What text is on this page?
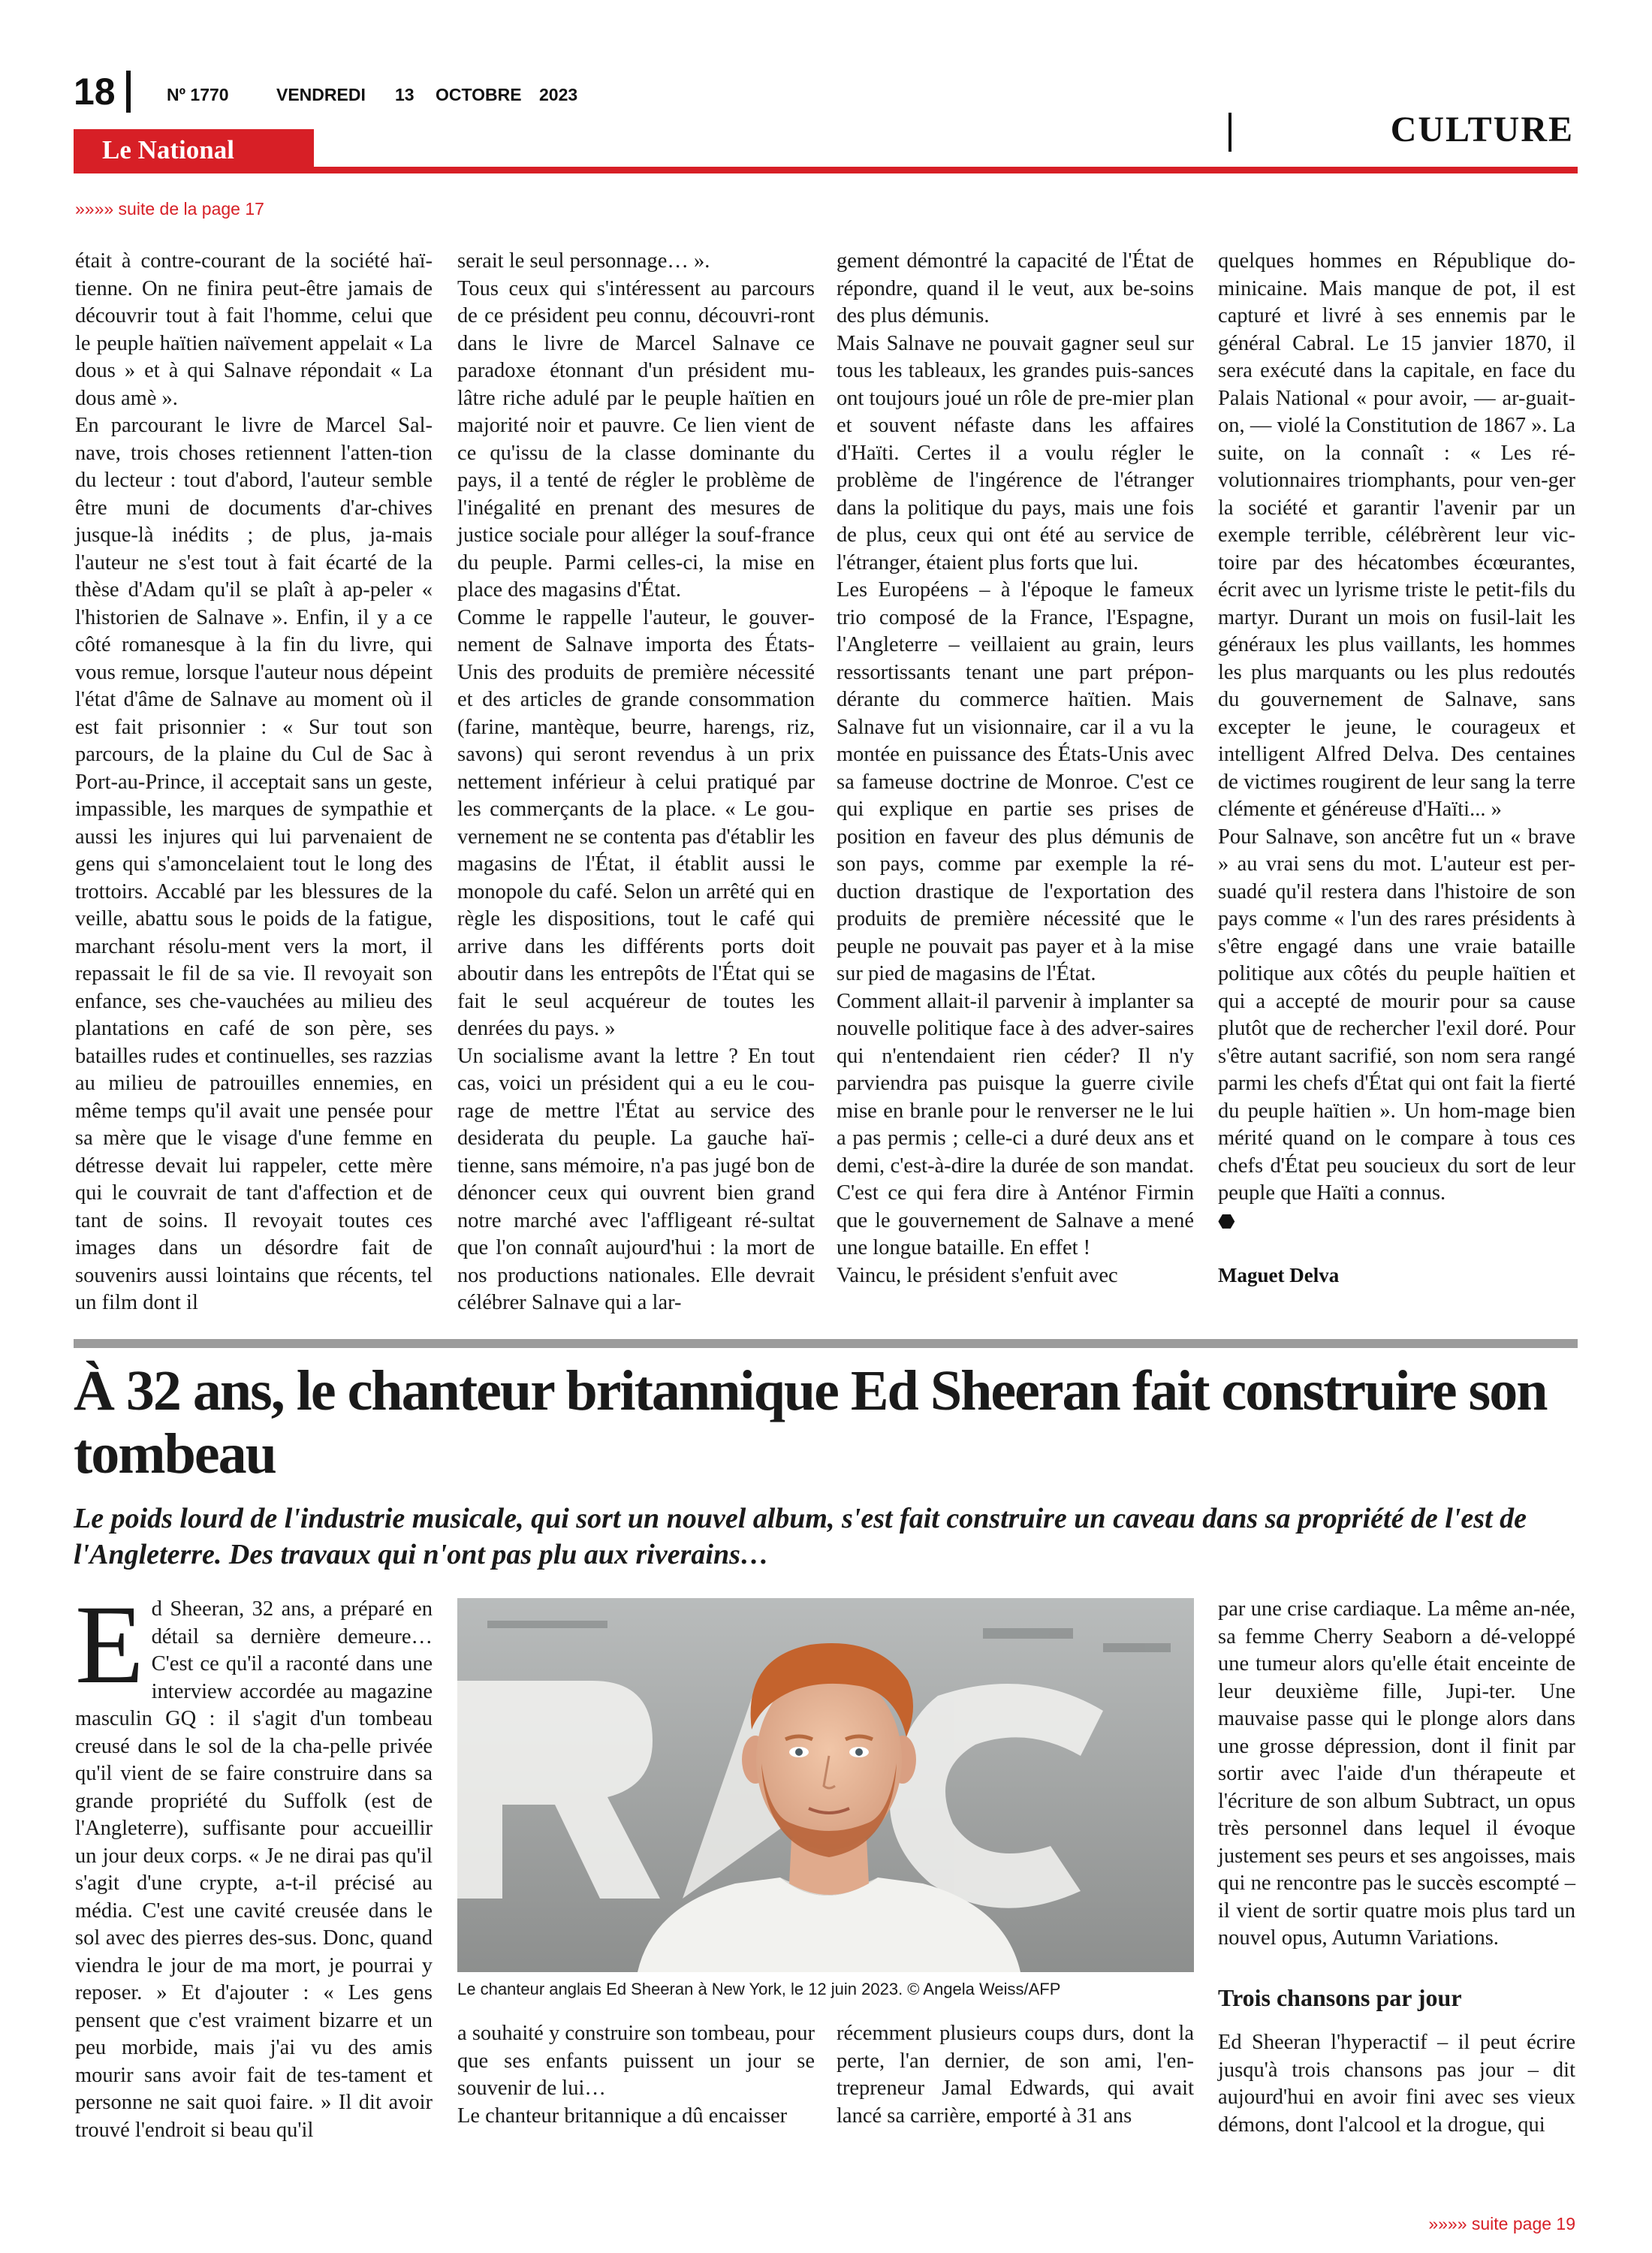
18	Nº 1770	VENDREDI 13 OCTOBRE 2023
CULTURE
Le National
»»»» suite de la page 17

était à contre-courant de la société haï-tienne. On ne finira peut-être jamais de découvrir tout à fait l'homme, celui que le peuple haïtien naïvement appelait « La dous » et à qui Salnave répondait « La dous amè ».

En parcourant le livre de Marcel Sal-nave, trois choses retiennent l'atten-tion du lecteur : tout d'abord, l'auteur semble être muni de documents d'ar-chives jusque-là inédits ; de plus, ja-mais l'auteur ne s'est tout à fait écarté de la thèse d'Adam qu'il se plaît à ap-peler « l'historien de Salnave ». Enfin, il y a ce côté romanesque à la fin du livre, qui vous remue, lorsque l'auteur nous dépeint l'état d'âme de Salnave au moment où il est fait prisonnier : « Sur tout son parcours, de la plaine du Cul de Sac à Port-au-Prince, il acceptait sans un geste, impassible, les marques de sympathie et aussi les injures qui lui parvenaient de gens qui s'amoncelaient tout le long des trottoirs. Accablé par les blessures de la veille, abattu sous le poids de la fatigue, marchant résolu-ment vers la mort, il repassait le fil de sa vie. Il revoyait son enfance, ses che-vauchées au milieu des plantations en café de son père, ses batailles rudes et continuelles, ses razzias au milieu de patrouilles ennemies, en même temps qu'il avait une pensée pour sa mère que le visage d'une femme en détresse devait lui rappeler, cette mère qui le couvrait de tant d'affection et de tant de soins. Il revoyait toutes ces images dans un désordre fait de souvenirs aussi lointains que récents, tel un film dont il

serait le seul personnage… ».

Tous ceux qui s'intéressent au parcours de ce président peu connu, découvri-ront dans le livre de Marcel Salnave ce paradoxe étonnant d'un président mu-lâtre riche adulé par le peuple haïtien en majorité noir et pauvre. Ce lien vient de ce qu'issu de la classe dominante du pays, il a tenté de régler le problème de l'inégalité en prenant des mesures de justice sociale pour alléger la souf-france du peuple. Parmi celles-ci, la mise en place des magasins d'État.

Comme le rappelle l'auteur, le gouver-nement de Salnave importa des États-Unis des produits de première nécessité et des articles de grande consommation (farine, mantèque, beurre, harengs, riz, savons) qui seront revendus à un prix nettement inférieur à celui pratiqué par les commerçants de la place. « Le gou-vernement ne se contenta pas d'établir les magasins de l'État, il établit aussi le monopole du café. Selon un arrêté qui en règle les dispositions, tout le café qui arrive dans les différents ports doit aboutir dans les entrepôts de l'État qui se fait le seul acquéreur de toutes les denrées du pays. »

Un socialisme avant la lettre ? En tout cas, voici un président qui a eu le cou-rage de mettre l'État au service des desiderata du peuple. La gauche haï-tienne, sans mémoire, n'a pas jugé bon de dénoncer ceux qui ouvrent bien grand notre marché avec l'affligeant ré-sultat que l'on connaît aujourd'hui : la mort de nos productions nationales. Elle devrait célébrer Salnave qui a lar-

gement démontré la capacité de l'État de répondre, quand il le veut, aux be-soins des plus démunis.

Mais Salnave ne pouvait gagner seul sur tous les tableaux, les grandes puis-sances ont toujours joué un rôle de pre-mier plan et souvent néfaste dans les affaires d'Haïti. Certes il a voulu régler le problème de l'ingérence de l'étranger dans la politique du pays, mais une fois de plus, ceux qui ont été au service de l'étranger, étaient plus forts que lui.

Les Européens – à l'époque le fameux trio composé de la France, l'Espagne, l'Angleterre – veillaient au grain, leurs ressortissants tenant une part prépon-dérante du commerce haïtien. Mais Salnave fut un visionnaire, car il a vu la montée en puissance des États-Unis avec sa fameuse doctrine de Monroe. C'est ce qui explique en partie ses prises de position en faveur des plus démunis de son pays, comme par exemple la ré-duction drastique de l'exportation des produits de première nécessité que le peuple ne pouvait pas payer et à la mise sur pied de magasins de l'État.

Comment allait-il parvenir à implanter sa nouvelle politique face à des adver-saires qui n'entendaient rien céder? Il n'y parviendra pas puisque la guerre civile mise en branle pour le renverser ne le lui a pas permis ; celle-ci a duré deux ans et demi, c'est-à-dire la durée de son mandat. C'est ce qui fera dire à Anténor Firmin que le gouvernement de Salnave a mené une longue bataille. En effet !

Vaincu, le président s'enfuit avec

quelques hommes en République do-minicaine. Mais manque de pot, il est capturé et livré à ses ennemis par le général Cabral. Le 15 janvier 1870, il sera exécuté dans la capitale, en face du Palais National « pour avoir, — ar-guait-on, — violé la Constitution de 1867 ». La suite, on la connaît : « Les ré-volutionnaires triomphants, pour ven-ger la société et garantir l'avenir par un exemple terrible, célébrèrent leur vic-toire par des hécatombes écœurantes, écrit avec un lyrisme triste le petit-fils du martyr. Durant un mois on fusil-lait les généraux les plus vaillants, les hommes les plus marquants ou les plus redoutés du gouvernement de Salnave, sans excepter le jeune, le courageux et intelligent Alfred Delva. Des centaines de victimes rougirent de leur sang la terre clémente et généreuse d'Haïti... »

Pour Salnave, son ancêtre fut un « brave » au vrai sens du mot. L'auteur est per-suadé qu'il restera dans l'histoire de son pays comme « l'un des rares présidents à s'être engagé dans une vraie bataille politique aux côtés du peuple haïtien et qui a accepté de mourir pour sa cause plutôt que de rechercher l'exil doré. Pour s'être autant sacrifié, son nom sera rangé parmi les chefs d'État qui ont fait la fierté du peuple haïtien ». Un hom-mage bien mérité quand on le compare à tous ces chefs d'État peu soucieux du sort de leur peuple que Haïti a connus.

⬣
Maguet Delva
À 32 ans, le chanteur britannique Ed Sheeran fait construire son tombeau

Le poids lourd de l'industrie musicale, qui sort un nouvel album, s'est fait construire un caveau dans sa propriété de l'est de l'Angleterre. Des travaux qui n'ont pas plu aux riverains…

Ed Sheeran, 32 ans, a préparé en détail sa dernière demeure… C'est ce qu'il a raconté dans une interview accordée au magazine masculin GQ : il s'agit d'un tombeau creusé dans le sol de la cha-pelle privée qu'il vient de se faire construire dans sa grande propriété du Suffolk (est de l'Angleterre), suffisante pour accueillir un jour deux corps. « Je ne dirai pas qu'il s'agit d'une crypte, a-t-il précisé au média. C'est une cavité creusée dans le sol avec des pierres des-sus. Donc, quand viendra le jour de ma mort, je pourrai y reposer. » Et d'ajouter : « Les gens pensent que c'est vraiment bizarre et un peu morbide, mais j'ai vu des amis mourir sans avoir fait de tes-tament et personne ne sait quoi faire. » Il dit avoir trouvé l'endroit si beau qu'il
Le chanteur anglais Ed Sheeran à New York, le 12 juin 2023. © Angela Weiss/AFP

a souhaité y construire son tombeau, pour que ses enfants puissent un jour se souvenir de lui…

Le chanteur britannique a dû encaisser

récemment plusieurs coups durs, dont la perte, l'an dernier, de son ami, l'en-trepreneur Jamal Edwards, qui avait lancé sa carrière, emporté à 31 ans

par une crise cardiaque. La même an-née, sa femme Cherry Seaborn a dé-veloppé une tumeur alors qu'elle était enceinte de leur deuxième fille, Jupi-ter. Une mauvaise passe qui le plonge alors dans une grosse dépression, dont il finit par sortir avec l'aide d'un thérapeute et l'écriture de son album Subtract, un opus très personnel dans lequel il évoque justement ses peurs et ses angoisses, mais qui ne rencontre pas le succès escompté – il vient de sortir quatre mois plus tard un nouvel opus, Autumn Variations.

Trois chansons par jour

Ed Sheeran l'hyperactif – il peut écrire jusqu'à trois chansons pas jour – dit aujourd'hui en avoir fini avec ses vieux démons, dont l'alcool et la drogue, qui

»»»» suite page 19
